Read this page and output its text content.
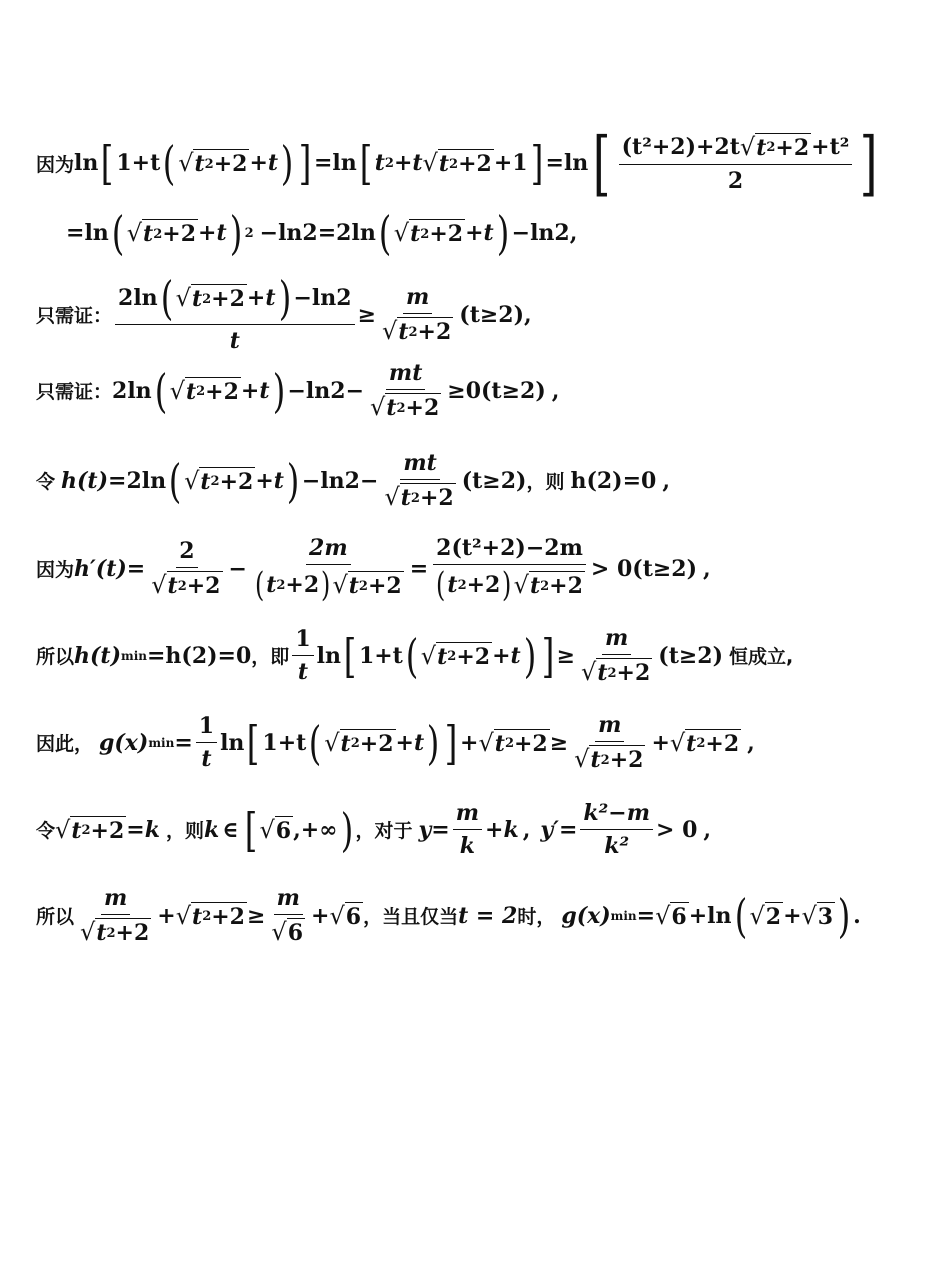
因为 ln [ 1+t ( √ t 2 +2 + t ) ] = ln [ t 2 + t √ t 2 +2 +1 ] = ln [ $\frac{\text{(t²+2)+2t √ t 2 +2 +t²}}{2}$ ]
= ln ( √ t 2 +2 + t ) 2 − ln2 = 2 ln ( √ t 2 +2 + t ) − ln2 ,
只需证：
2 ln ( √ t 2 +2 + t ) − ln2
t
≥ $\frac{m}{√ t 2 +2} (t\ge 2)$ ,
只需证： 2 ln ( √ t 2 +2 + t ) − $\ln 2 - \frac{mt}{√ t 2 +2} \ge 0(t\ge 2)$ ,
令 h(t) = 2 ln ( √ t 2 +2 + t ) − $\ln 2 - \frac{mt}{√ t 2 +2} (t\ge 2)$ ，则 h(2)=0 ,
因为 $h'(t) = \frac{2}{√ t 2 +2} - \frac{2m}{( t 2 +2 ) √ t 2 +2} = \frac{\text{2(t²+2)−2m}}{( t 2 +2 ) √ t 2 +2} > 0(t\ge 2)$ ,
所以 h(t) min = h(2)=0 ，即 $\frac{1}{t}$ ln [ 1+t ( √ t 2 +2 + t ) ] ≥ $\frac{m}{√ t 2 +2} (t\ge 2)$ 恒成立,
因此， g(x) $\min = \frac{1}{t}$ ln [ 1+t ( √ t 2 +2 + t ) ] + √ t $2 +2 \ge \frac{m}{√ t 2 +2}$ + √ t 2 +2 ,
令 √ t 2 +2 = k ，则 k ∈ [ √ 6 ,+∞ ) ，对于 $y = \frac{m}{k} + k$ , $y' = \frac{\text{k²−m}}{\text{k²}} > 0$ ,
所以 $\frac{m}{√ t 2 +2}$ + √ t $2 +2 \ge \frac{m}{√ 6}$ + √ 6 ，当且仅当 t = 2 时， g(x) min = √ 6 + ln ( √ 2 + √ 3 ) .
